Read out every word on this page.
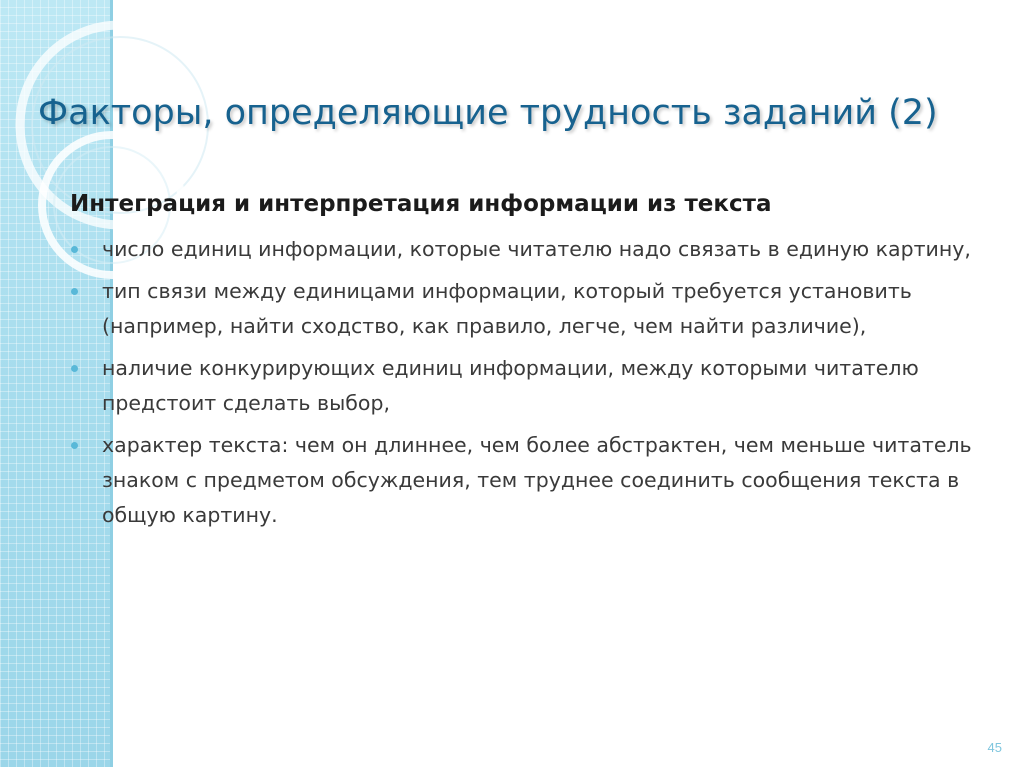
Факторы, определяющие трудность заданий (2)
Интеграция и интерпретация информации из текста
число единиц информации, которые читателю надо связать в единую картину,
тип связи между единицами информации, который требуется установить (например, найти сходство, как правило, легче, чем найти различие),
наличие конкурирующих единиц информации, между которыми читателю предстоит сделать выбор,
характер текста: чем он длиннее, чем более абстрактен, чем меньше читатель знаком с предметом обсуждения, тем труднее соединить сообщения текста в общую картину.
45
